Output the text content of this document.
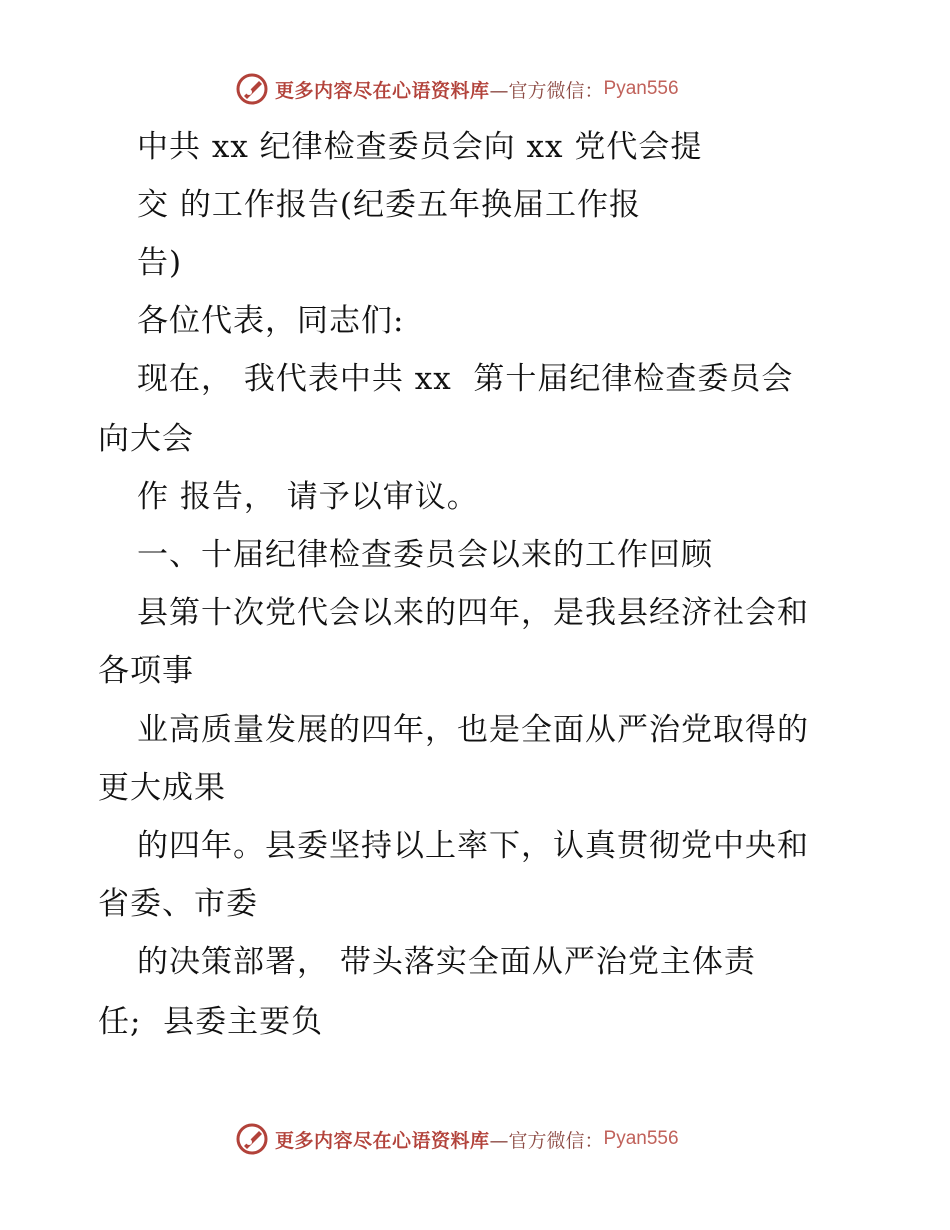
更多内容尽在心语资料库 —官方微信： Pyan556
中共 xx 纪律检查委员会向 xx 党代会提
交 的工作报告(纪委五年换届工作报
告)
各位代表，同志们:
现在， 我代表中共 xx  第十届纪律检查委员会
向大会
作 报告， 请予以审议。
一、十届纪律检查委员会以来的工作回顾
县第十次党代会以来的四年，是我县经济社会和
各项事
业高质量发展的四年，也是全面从严治党取得的
更大成果
的四年。县委坚持以上率下，认真贯彻党中央和
省委、市委
的决策部署， 带头落实全面从严治党主体责
任;  县委主要负
更多内容尽在心语资料库 —官方微信： Pyan556
